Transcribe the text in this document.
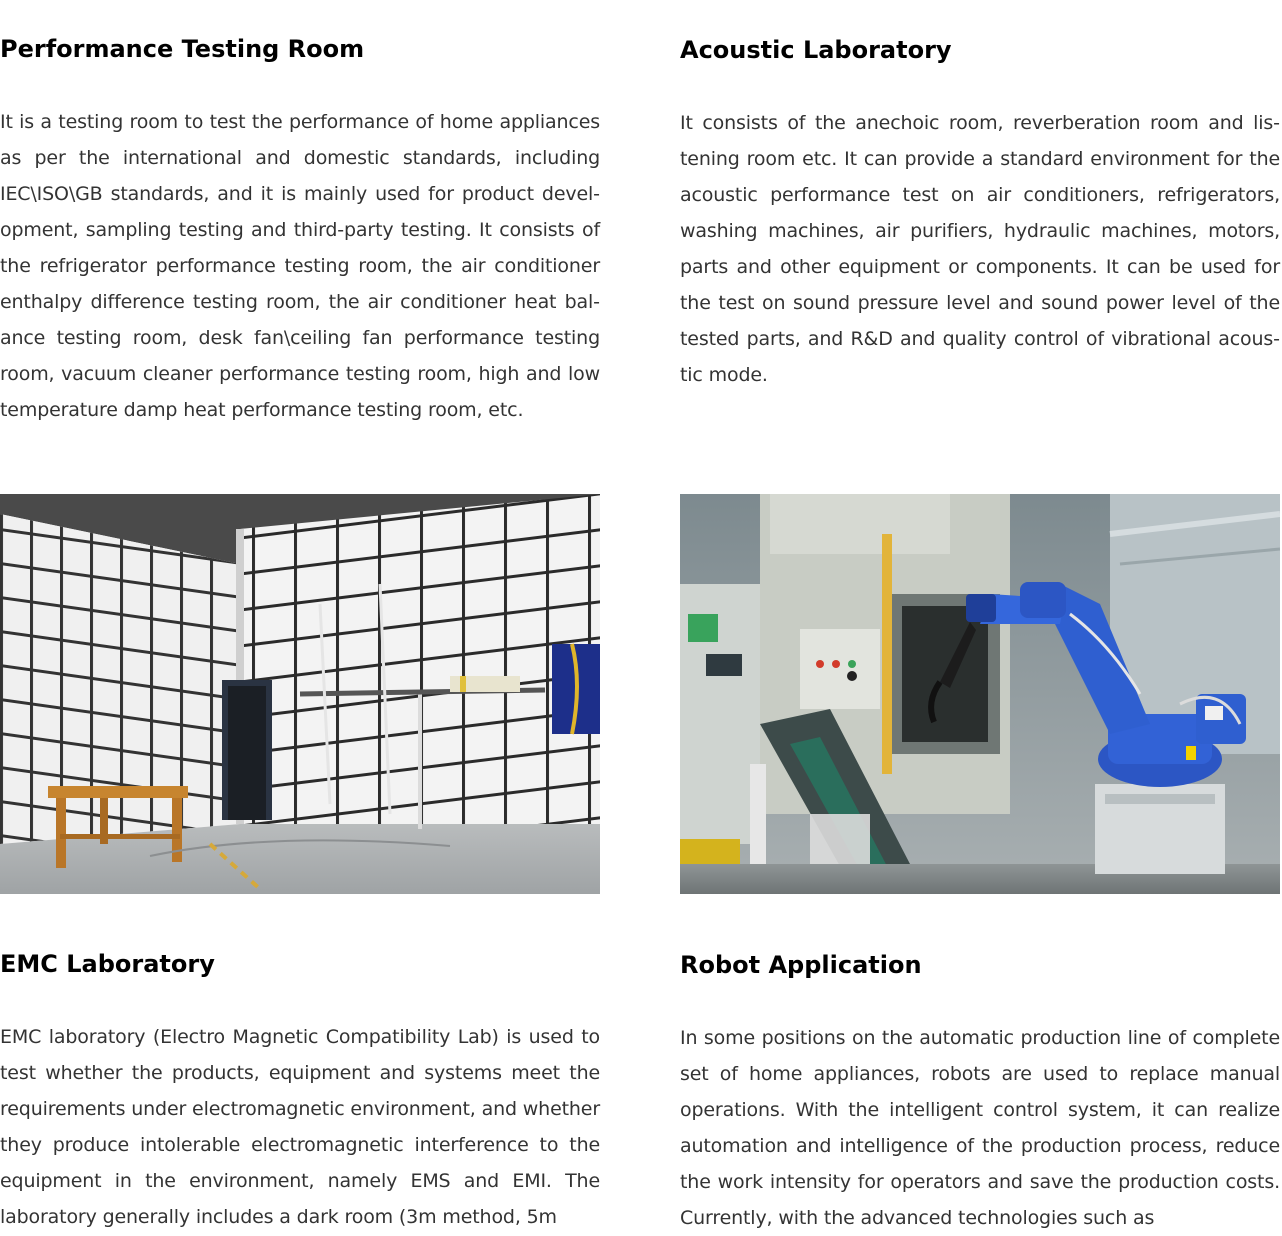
Performance Testing Room

It is a testing room to test the performance of home appliances as per the international and domestic standards, including IEC\ISO\GB standards, and it is mainly used for product development, sampling testing and third-party testing. It consists of the refrigerator performance testing room, the air conditioner enthalpy difference testing room, the air conditioner heat balance testing room, desk fan\ceiling fan performance testing room, vacuum cleaner performance testing room, high and low temperature damp heat performance testing room, etc.

EMC Laboratory

EMC laboratory (Electro Magnetic Compatibility Lab) is used to test whether the products, equipment and systems meet the requirements under electromagnetic environment, and whether they produce intolerable electromagnetic interference to the equipment in the environment, namely EMS and EMI. The laboratory generally includes a dark room (3m method, 5m

Acoustic Laboratory

It consists of the anechoic room, reverberation room and listening room etc. It can provide a standard environment for the acoustic performance test on air conditioners, refrigerators, washing machines, air purifiers, hydraulic machines, motors, parts and other equipment or components. It can be used for the test on sound pressure level and sound power level of the tested parts, and R&D and quality control of vibrational acoustic mode.

Robot Application

In some positions on the automatic production line of complete set of home appliances, robots are used to replace manual operations. With the intelligent control system, it can realize automation and intelligence of the production process, reduce the work intensity for operators and save the production costs. Currently, with the advanced technologies such as
